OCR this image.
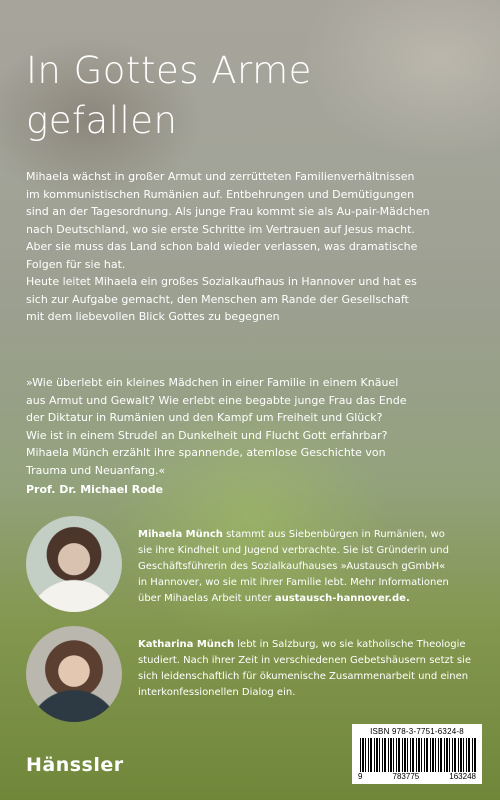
In Gottes Arme
gefallen

Mihaela wächst in großer Armut und zerrütteten Familienverhältnissen

im kommunistischen Rumänien auf. Entbehrungen und Demütigungen

sind an der Tagesordnung. Als junge Frau kommt sie als Au-pair-Mädchen

nach Deutschland, wo sie erste Schritte im Vertrauen auf Jesus macht.

Aber sie muss das Land schon bald wieder verlassen, was dramatische

Folgen für sie hat.

Heute leitet Mihaela ein großes Sozialkaufhaus in Hannover und hat es

sich zur Aufgabe gemacht, den Menschen am Rande der Gesellschaft

mit dem liebevollen Blick Gottes zu begegnen

»Wie überlebt ein kleines Mädchen in einer Familie in einem Knäuel

aus Armut und Gewalt? Wie erlebt eine begabte junge Frau das Ende

der Diktatur in Rumänien und den Kampf um Freiheit und Glück?

Wie ist in einem Strudel an Dunkelheit und Flucht Gott erfahrbar?

Mihaela Münch erzählt ihre spannende, atemlose Geschichte von

Trauma und Neuanfang.«

Prof. Dr. Michael Rode

Mihaela Münch stammt aus Siebenbürgen in Rumänien, wo

sie ihre Kindheit und Jugend verbrachte. Sie ist Gründerin und

Geschäftsführerin des Sozialkaufhauses »Austausch gGmbH«

in Hannover, wo sie mit ihrer Familie lebt. Mehr Informationen

über Mihaelas Arbeit unter austausch-hannover.de.

Katharina Münch lebt in Salzburg, wo sie katholische Theologie

studiert. Nach ihrer Zeit in verschiedenen Gebetshäusern setzt sie

sich leidenschaftlich für ökumenische Zusammenarbeit und einen

interkonfessionellen Dialog ein.

Hänssler
ISBN 978-3-7751-6324-8
9	783775	163248
